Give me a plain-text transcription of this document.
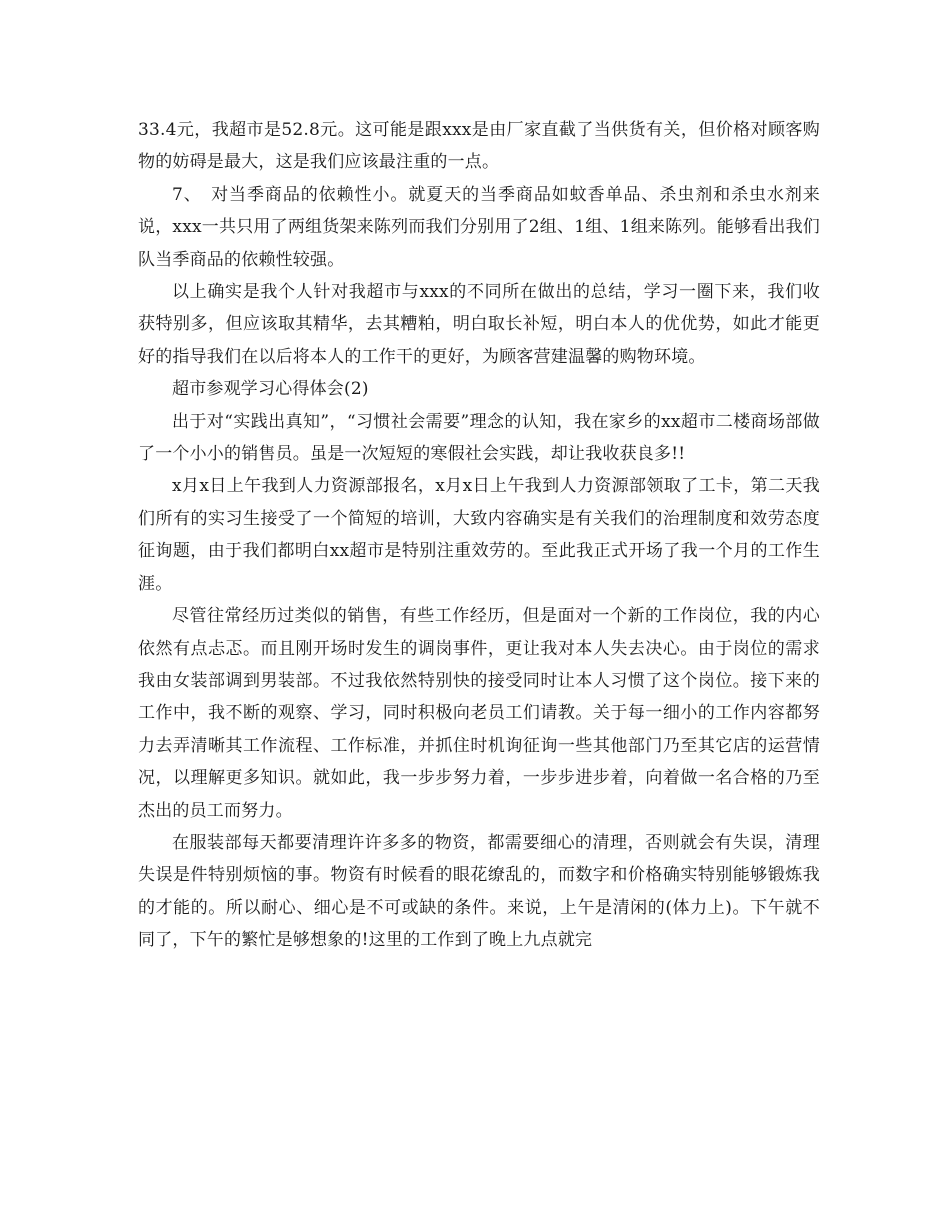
33.4元，我超市是52.8元。这可能是跟xxx是由厂家直截了当供货有关，但价格对顾客购物的妨碍是最大，这是我们应该最注重的一点。

7、　对当季商品的依赖性小。就夏天的当季商品如蚊香单品、杀虫剂和杀虫水剂来说，xxx一共只用了两组货架来陈列而我们分别用了2组、1组、1组来陈列。能够看出我们队当季商品的依赖性较强。

以上确实是我个人针对我超市与xxx的不同所在做出的总结，学习一圈下来，我们收获特别多，但应该取其精华，去其糟粕，明白取长补短，明白本人的优优势，如此才能更好的指导我们在以后将本人的工作干的更好，为顾客营建温馨的购物环境。

超市参观学习心得体会(2)

出于对“实践出真知”，“习惯社会需要”理念的认知，我在家乡的xx超市二楼商场部做了一个小小的销售员。虽是一次短短的寒假社会实践，却让我收获良多!!

x月x日上午我到人力资源部报名，x月x日上午我到人力资源部领取了工卡，第二天我们所有的实习生接受了一个简短的培训，大致内容确实是有关我们的治理制度和效劳态度征询题，由于我们都明白xx超市是特别注重效劳的。至此我正式开场了我一个月的工作生涯。

尽管往常经历过类似的销售，有些工作经历，但是面对一个新的工作岗位，我的内心依然有点忐忑。而且刚开场时发生的调岗事件，更让我对本人失去决心。由于岗位的需求我由女装部调到男装部。不过我依然特别快的接受同时让本人习惯了这个岗位。接下来的工作中，我不断的观察、学习，同时积极向老员工们请教。关于每一细小的工作内容都努力去弄清晰其工作流程、工作标准，并抓住时机询征询一些其他部门乃至其它店的运营情况，以理解更多知识。就如此，我一步步努力着，一步步进步着，向着做一名合格的乃至杰出的员工而努力。

在服装部每天都要清理许许多多的物资，都需要细心的清理，否则就会有失误，清理失误是件特别烦恼的事。物资有时候看的眼花缭乱的，而数字和价格确实特别能够锻炼我的才能的。所以耐心、细心是不可或缺的条件。来说，上午是清闲的(体力上)。下午就不同了，下午的繁忙是够想象的!这里的工作到了晚上九点就完
